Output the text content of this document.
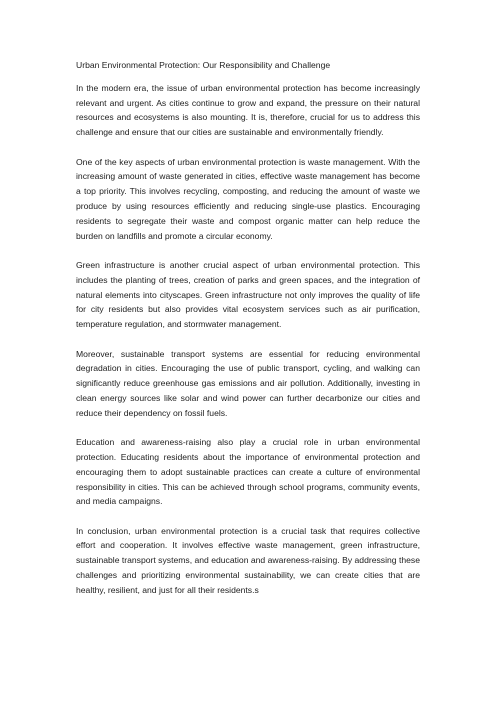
Urban Environmental Protection: Our Responsibility and Challenge

In the modern era, the issue of urban environmental protection has become increasingly relevant and urgent. As cities continue to grow and expand, the pressure on their natural resources and ecosystems is also mounting. It is, therefore, crucial for us to address this challenge and ensure that our cities are sustainable and environmentally friendly.

One of the key aspects of urban environmental protection is waste management. With the increasing amount of waste generated in cities, effective waste management has become a top priority. This involves recycling, composting, and reducing the amount of waste we produce by using resources efficiently and reducing single-use plastics. Encouraging residents to segregate their waste and compost organic matter can help reduce the burden on landfills and promote a circular economy.

Green infrastructure is another crucial aspect of urban environmental protection. This includes the planting of trees, creation of parks and green spaces, and the integration of natural elements into cityscapes. Green infrastructure not only improves the quality of life for city residents but also provides vital ecosystem services such as air purification, temperature regulation, and stormwater management.

Moreover, sustainable transport systems are essential for reducing environmental degradation in cities. Encouraging the use of public transport, cycling, and walking can significantly reduce greenhouse gas emissions and air pollution. Additionally, investing in clean energy sources like solar and wind power can further decarbonize our cities and reduce their dependency on fossil fuels.

Education and awareness-raising also play a crucial role in urban environmental protection. Educating residents about the importance of environmental protection and encouraging them to adopt sustainable practices can create a culture of environmental responsibility in cities. This can be achieved through school programs, community events, and media campaigns.

In conclusion, urban environmental protection is a crucial task that requires collective effort and cooperation. It involves effective waste management, green infrastructure, sustainable transport systems, and education and awareness-raising. By addressing these challenges and prioritizing environmental sustainability, we can create cities that are healthy, resilient, and just for all their residents.s
